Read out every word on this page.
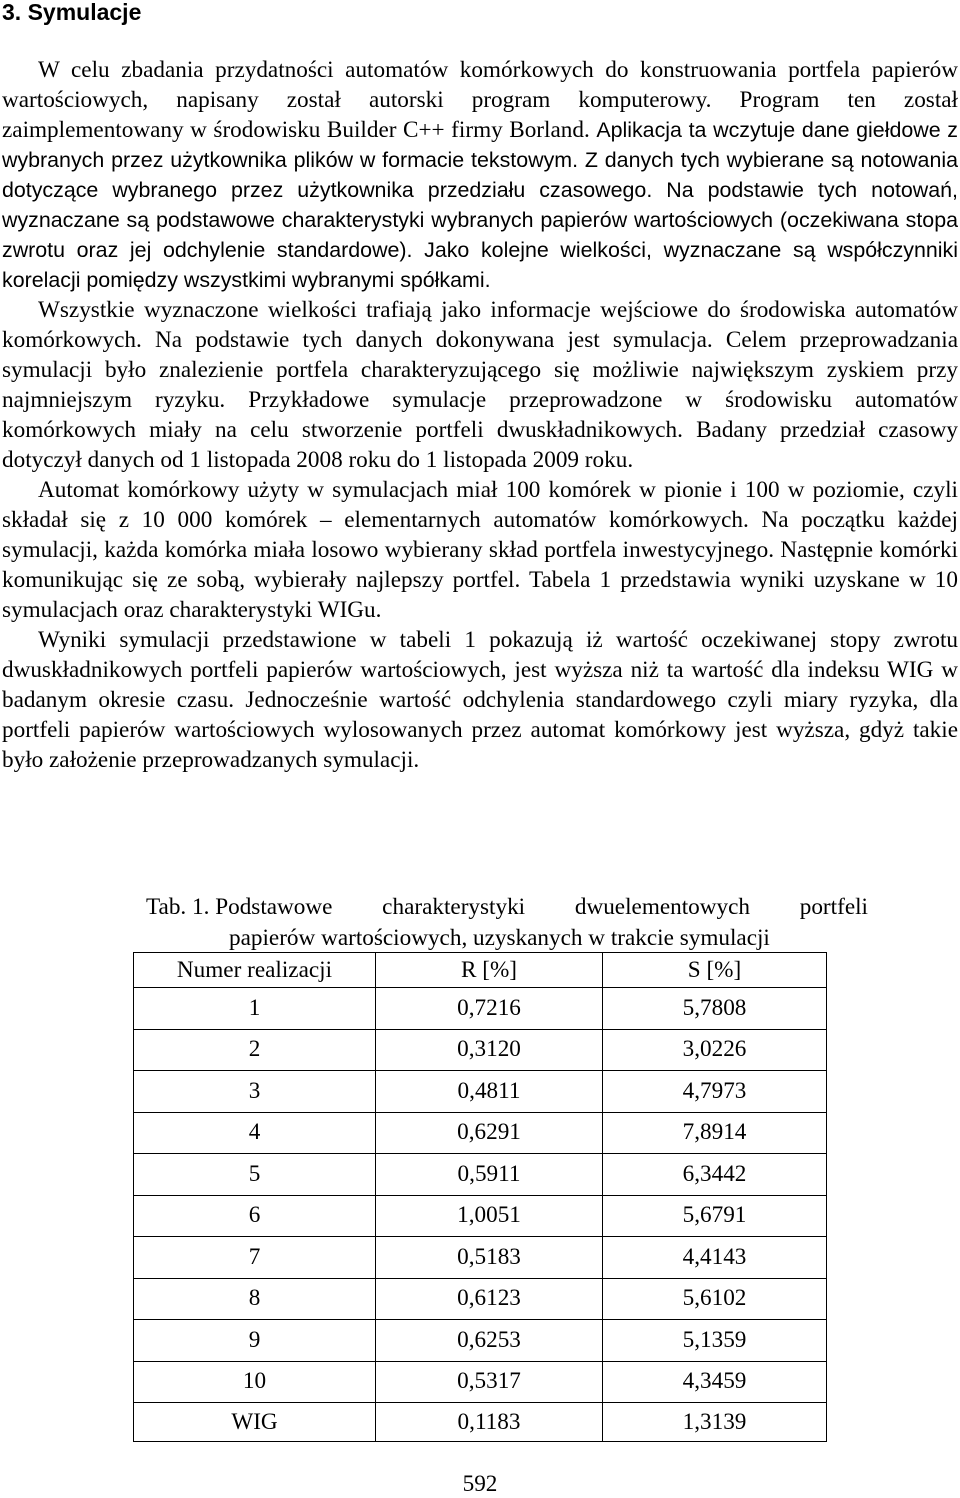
3. Symulacje

W celu zbadania przydatności automatów komórkowych do konstruowania portfela papierów wartościowych, napisany został autorski program komputerowy. Program ten został zaimplementowany w środowisku Builder C++ firmy Borland. Aplikacja ta wczytuje dane giełdowe z wybranych przez użytkownika plików w formacie tekstowym. Z danych tych wybierane są notowania dotyczące wybranego przez użytkownika przedziału czasowego. Na podstawie tych notowań, wyznaczane są podstawowe charakterystyki wybranych papierów wartościowych (oczekiwana stopa zwrotu oraz jej odchylenie standardowe). Jako kolejne wielkości, wyznaczane są współczynniki korelacji pomiędzy wszystkimi wybranymi spółkami.

Wszystkie wyznaczone wielkości trafiają jako informacje wejściowe do środowiska automatów komórkowych. Na podstawie tych danych dokonywana jest symulacja. Celem przeprowadzania symulacji było znalezienie portfela charakteryzującego się możliwie największym zyskiem przy najmniejszym ryzyku. Przykładowe symulacje przeprowadzone w środowisku automatów komórkowych miały na celu stworzenie portfeli dwuskładnikowych. Badany przedział czasowy dotyczył danych od 1 listopada 2008 roku do 1 listopada 2009 roku.

Automat komórkowy użyty w symulacjach miał 100 komórek w pionie i 100 w poziomie, czyli składał się z 10 000 komórek – elementarnych automatów komórkowych. Na początku każdej symulacji, każda komórka miała losowo wybierany skład portfela inwestycyjnego. Następnie komórki komunikując się ze sobą, wybierały najlepszy portfel. Tabela 1 przedstawia wyniki uzyskane w 10 symulacjach oraz charakterystyki WIGu.

Wyniki symulacji przedstawione w tabeli 1 pokazują iż wartość oczekiwanej stopy zwrotu dwuskładnikowych portfeli papierów wartościowych, jest wyższa niż ta wartość dla indeksu WIG w badanym okresie czasu. Jednocześnie wartość odchylenia standardowego czyli miary ryzyka, dla portfeli papierów wartościowych wylosowanych przez automat komórkowy jest wyższa, gdyż takie było założenie przeprowadzanych symulacji.

Tab. 1. Podstawowe charakterystyki dwuelementowych portfeli
papierów wartościowych, uzyskanych w trakcie symulacji
Numer realizacji	R [%]	S [%]
1	0,7216	5,7808
2	0,3120	3,0226
3	0,4811	4,7973
4	0,6291	7,8914
5	0,5911	6,3442
6	1,0051	5,6791
7	0,5183	4,4143
8	0,6123	5,6102
9	0,6253	5,1359
10	0,5317	4,3459
WIG	0,1183	1,3139
592
